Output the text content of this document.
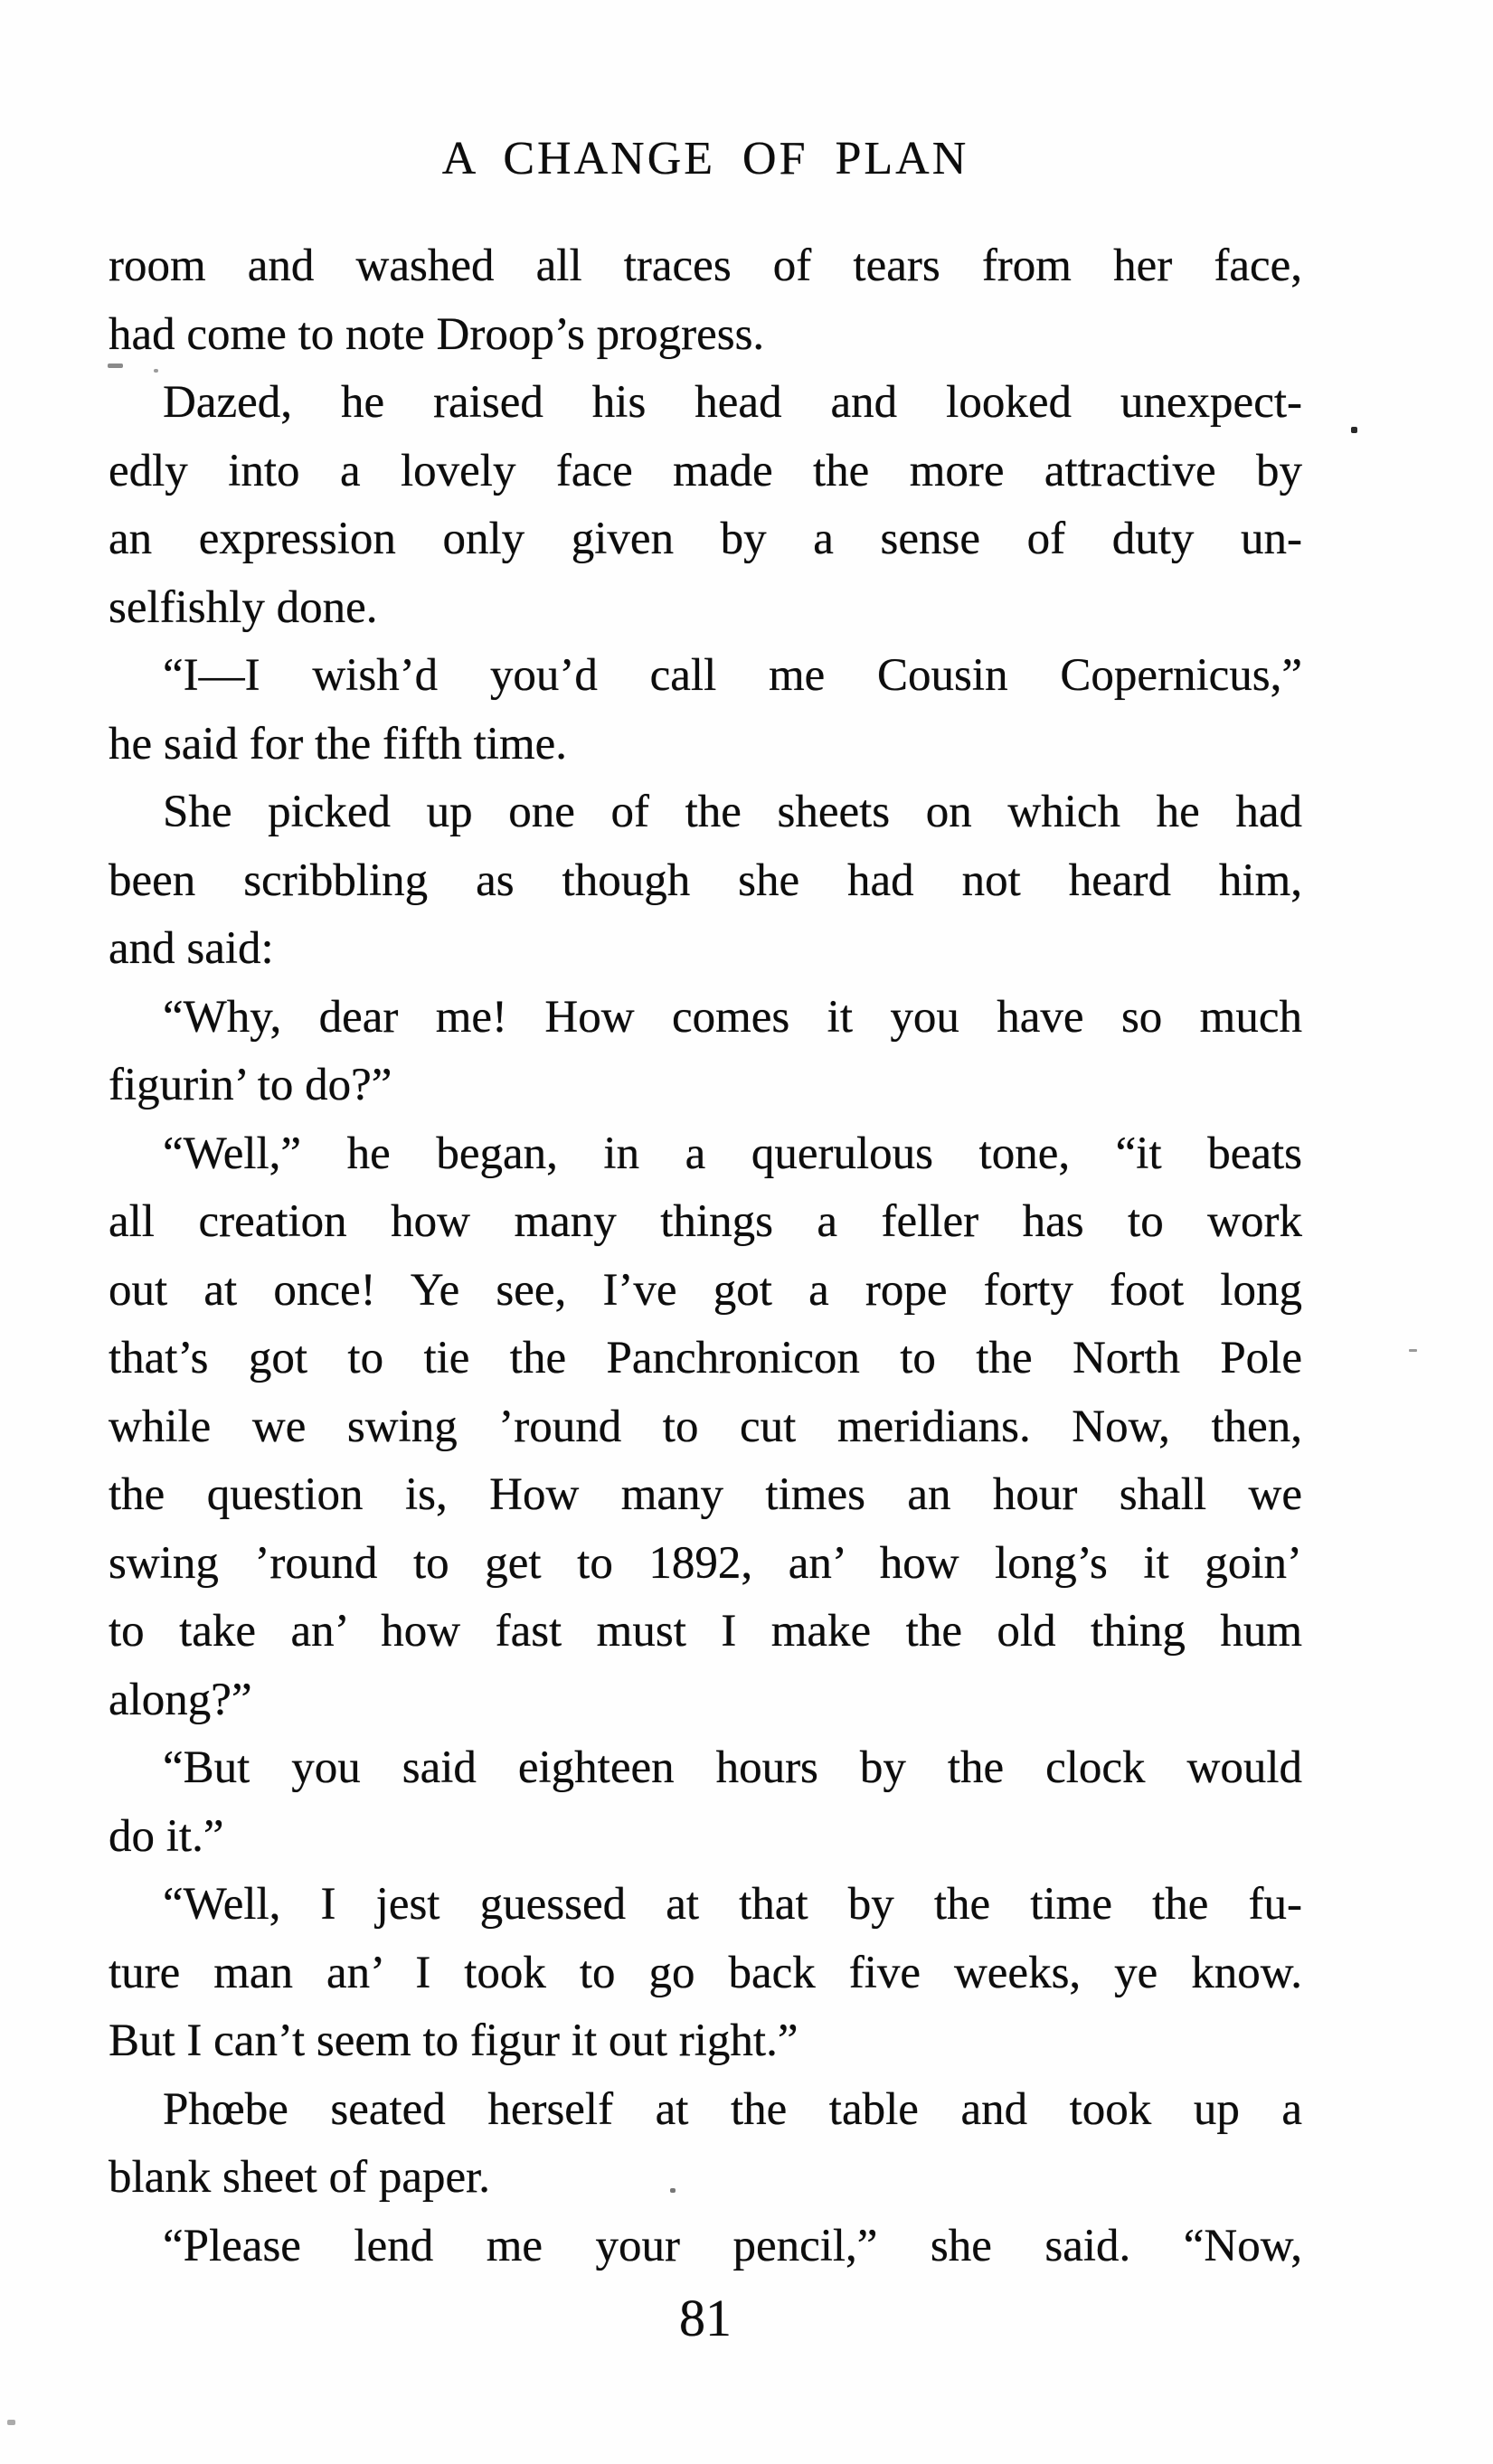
A CHANGE OF PLAN
room and washed all traces of tears from her face,
had come to note Droop’s progress.
Dazed, he raised his head and looked unexpect-
edly into a lovely face made the more attractive by
an expression only given by a sense of duty un-
selfishly done.
“I—I wish’d you’d call me Cousin Copernicus,”
he said for the fifth time.
She picked up one of the sheets on which he had
been scribbling as though she had not heard him,
and said:
“Why, dear me! How comes it you have so much
figurin’ to do?”
“Well,” he began, in a querulous tone, “it beats
all creation how many things a feller has to work
out at once! Ye see, I’ve got a rope forty foot long
that’s got to tie the Panchronicon to the North Pole
while we swing ’round to cut meridians. Now, then,
the question is, How many times an hour shall we
swing ’round to get to 1892, an’ how long’s it goin’
to take an’ how fast must I make the old thing hum
along?”
“But you said eighteen hours by the clock would
do it.”
“Well, I jest guessed at that by the time the fu-
ture man an’ I took to go back five weeks, ye know.
But I can’t seem to figur it out right.”
Phœbe seated herself at the table and took up a
blank sheet of paper.
“Please lend me your pencil,” she said. “Now,
81
